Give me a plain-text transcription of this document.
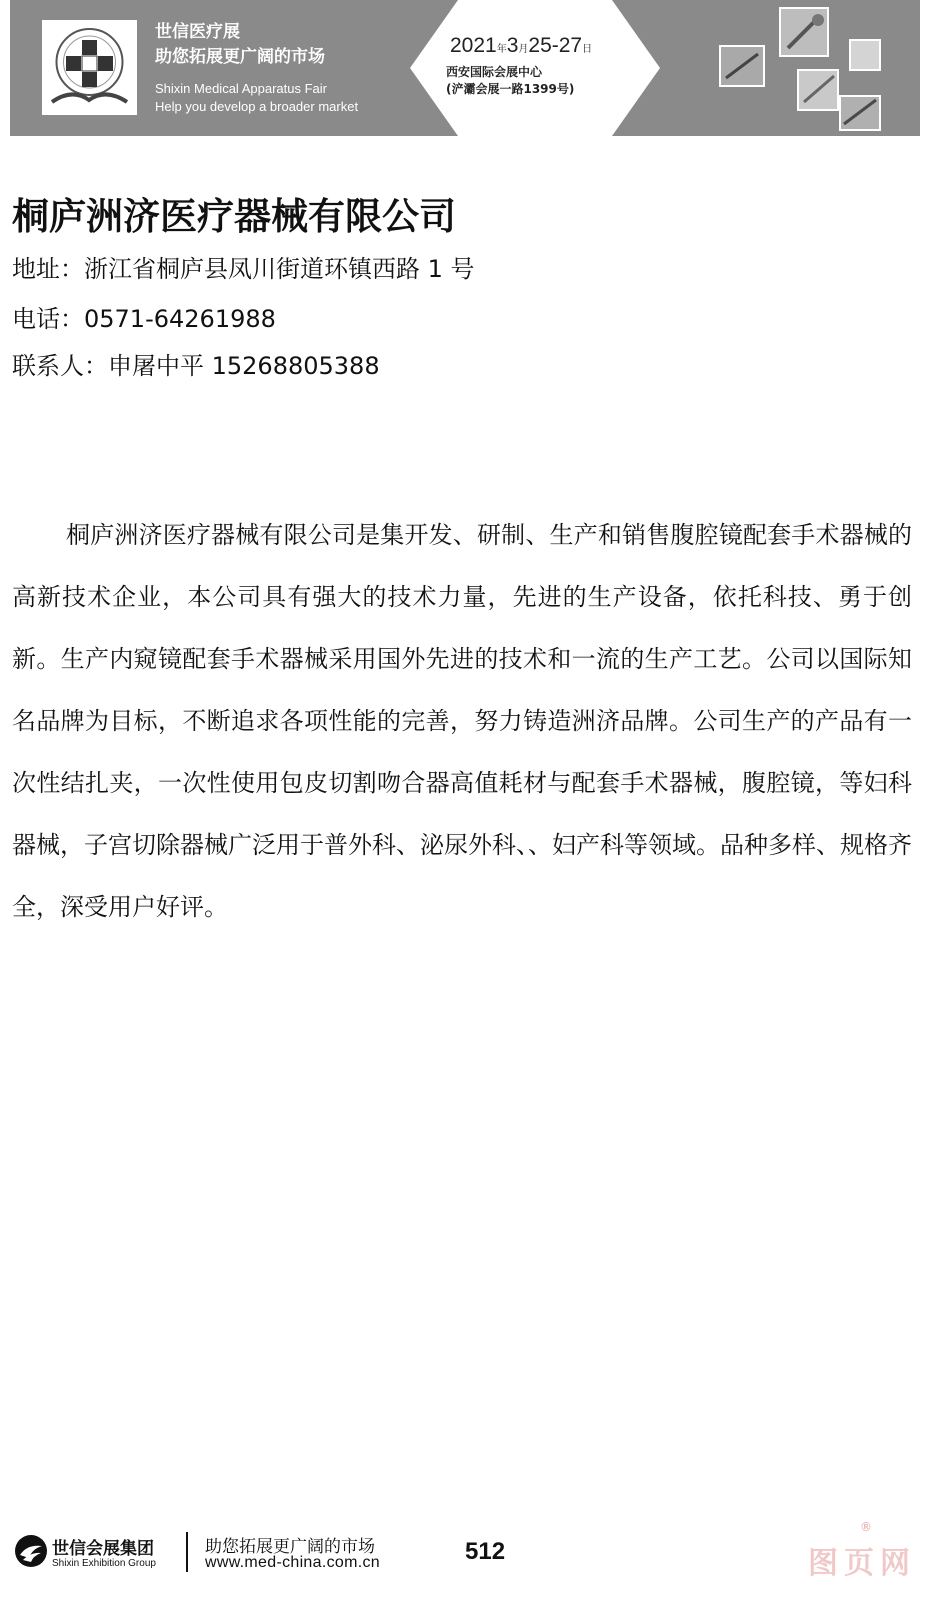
世信医疗展
助您拓展更广阔的市场
Shixin Medical Apparatus Fair
Help you develop a broader market
2021年3月25-27日
西安国际会展中心
(浐灞会展一路1399号)
桐庐洲济医疗器械有限公司
地址：浙江省桐庐县凤川街道环镇西路 1 号
电话：0571-64261988
联系人：申屠中平 15268805388

桐庐洲济医疗器械有限公司是集开发、研制、生产和销售腹腔镜配套手术器械的高新技术企业，本公司具有强大的技术力量，先进的生产设备，依托科技、勇于创新。生产内窥镜配套手术器械采用国外先进的技术和一流的生产工艺。公司以国际知名品牌为目标，不断追求各项性能的完善，努力铸造洲济品牌。公司生产的产品有一次性结扎夹，一次性使用包皮切割吻合器高值耗材与配套手术器械，腹腔镜，等妇科器械，子宫切除器械广泛用于普外科、泌尿外科、、妇产科等领域。品种多样、规格齐全，深受用户好评。

世信会展集团
Shixin Exhibition Group
助您拓展更广阔的市场
www.med-china.com.cn	512
®
图页网
